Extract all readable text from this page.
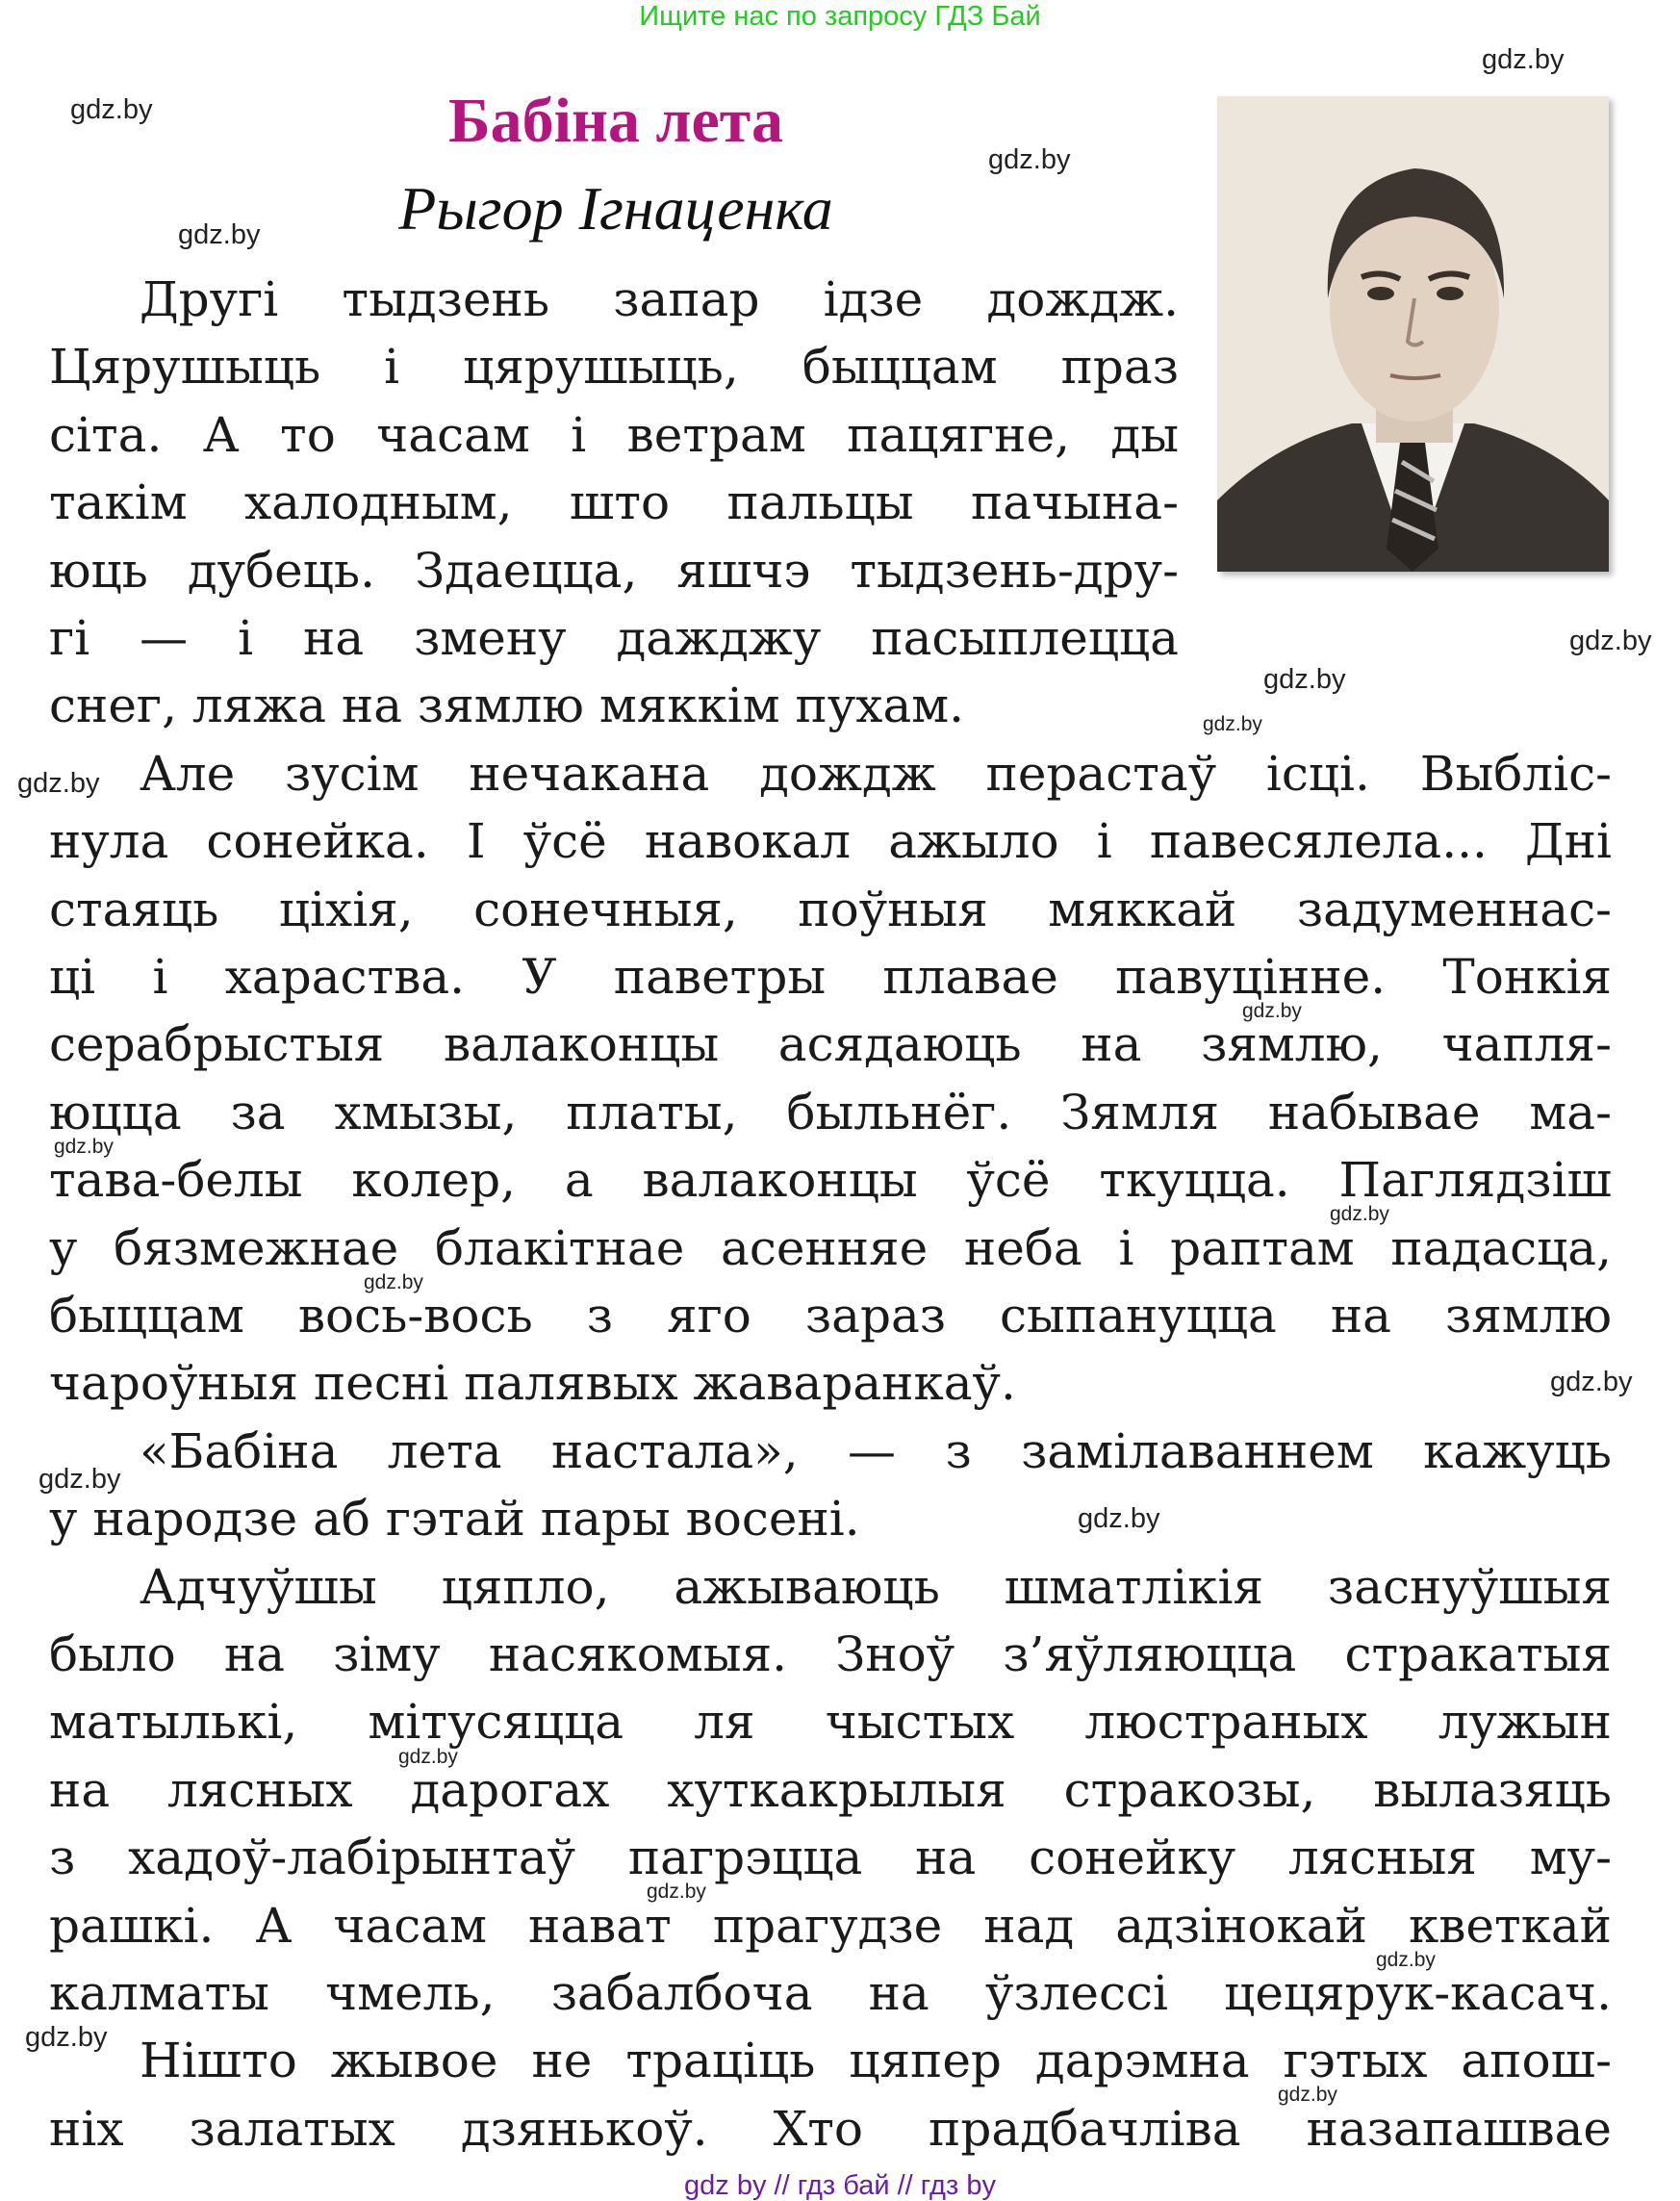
Ищите нас по запросу ГДЗ Бай
Бабіна лета
Рыгор Ігнаценка
Другі тыдзень запар ідзе дождж.
Цярушыць і цярушыць, быццам праз
сіта. А то часам і ветрам пацягне, ды
такім халодным, што пальцы пачына-
юць дубець. Здаецца, яшчэ тыдзень-дру-
гі — і на змену дажджу пасыплецца
снег, ляжа на зямлю мяккім пухам.
Але зусім нечакана дождж перастаў ісці. Выбліс-
нула сонейка. І ўсё навокал ажыло і павесялела... Дні
стаяць ціхія, сонечныя, поўныя мяккай задуменнас-
ці і хараства. У паветры плавае павуціннe. Тонкія
серабрыстыя валаконцы асядаюць на зямлю, чапля-
юцца за хмызы, платы, быльнёг. Зямля набывае ма-
тава-белы колер, а валаконцы ўсё ткуцца. Паглядзіш
у бязмежнае блакітнае асенняе неба і раптам падасца,
быццам вось-вось з яго зараз сыпануцца на зямлю
чароўныя песні палявых жаваранкаў.
«Бабіна лета настала», — з замілаваннем кажуць
у народзе аб гэтай пары восені.
Адчуўшы цяпло, ажываюць шматлікія заснуўшыя
было на зіму насякомыя. Зноў з’яўляюцца стракатыя
матылькі, мітусяцца ля чыстых люстраных лужын
на лясных дарогах хуткакрылыя стракозы, вылазяць
з хадоў-лабірынтаў пагрэцца на сонейку лясныя му-
рашкі. А часам нават прагудзе над адзінокай кветкай
калматы чмель, забалбоча на ўзлессі цецярук-касач.
Нішто жывое не траціць цяпер дарэмна гэтых апош-
ніх залатых дзянькоў. Хто прадбачліва назапашвае
gdz.by
gdz.by
gdz.by
gdz.by
gdz.by
gdz.by
gdz.by
gdz.by
gdz.by
gdz.by
gdz.by
gdz.by
gdz.by
gdz.by
gdz.by
gdz.by
gdz.by
gdz.by
gdz.by
gdz.by
gdz by // гдз бай // гдз by
